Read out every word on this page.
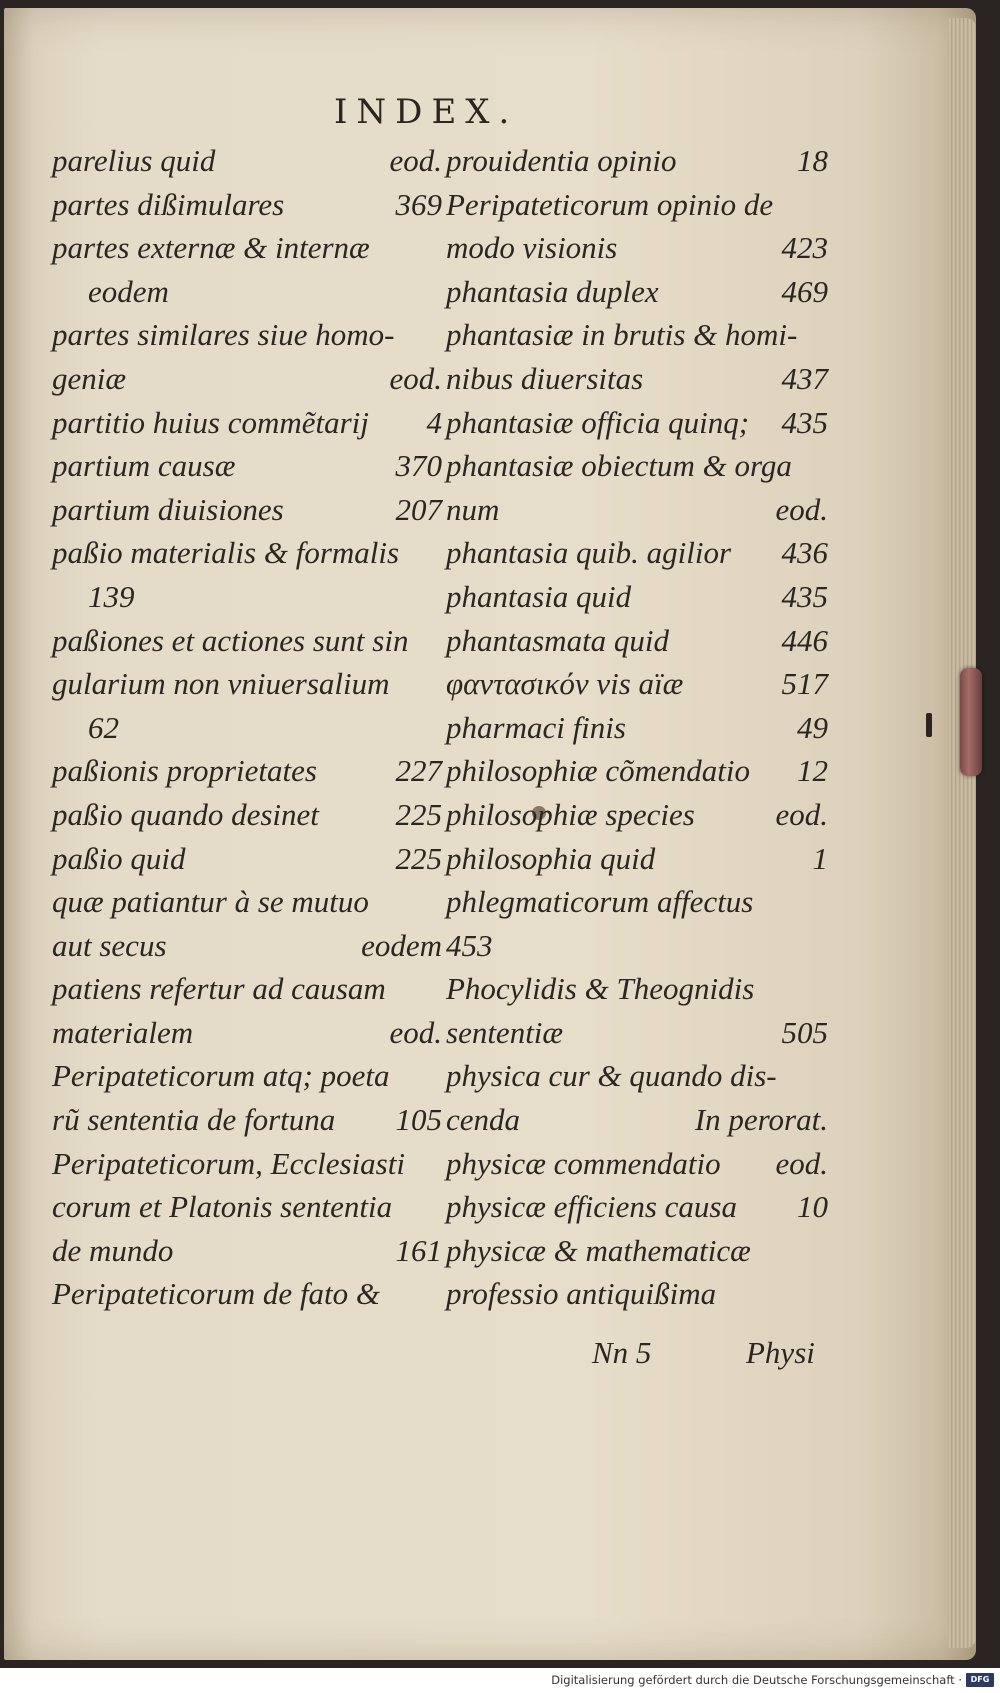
INDEX.
parelius quid	eod.
partes dißimulares	369
partes externæ & internæ
eodem
partes similares siue homo-
geniæ	eod.
partitio huius commẽtarij 4
partium causæ	370
partium diuisiones	207
paßio materialis & formalis
139
paßiones et actiones sunt sin
gularium non vniuersalium
62
paßionis proprietates	227
paßio quando desinet 225
paßio quid	225
quæ patiantur à se mutuo
aut secus	eodem
patiens refertur ad causam
materialem	eod.
Peripateticorum atq; poeta
rũ sententia de fortuna 105
Peripateticorum, Ecclesiasti
corum et Platonis sententia
de mundo	161
Peripateticorum de fato &
prouidentia opinio	18
Peripateticorum opinio de
modo visionis	423
phantasia duplex	469
phantasiæ in brutis & homi-
nibus diuersitas	437
phantasiæ officia quinq; 435
phantasiæ obiectum & orga
num	eod.
phantasia quib. agilior 436
phantasia quid	435
phantasmata quid	446
φαντασικόν vis aïæ	517
pharmaci finis	49
philosophiæ cõmendatio 12
philosophiæ species	eod.
philosophia quid	1
phlegmaticorum affectus
453
Phocylidis & Theognidis
sententiæ	505
physica cur & quando dis-
cenda	In perorat.
physicæ commendatio eod.
physicæ efficiens causa 10
physicæ & mathematicæ
professio antiquißima
Nn 5	Physi
Digitalisierung gefördert durch die Deutsche Forschungsgemeinschaft ·	DFG
